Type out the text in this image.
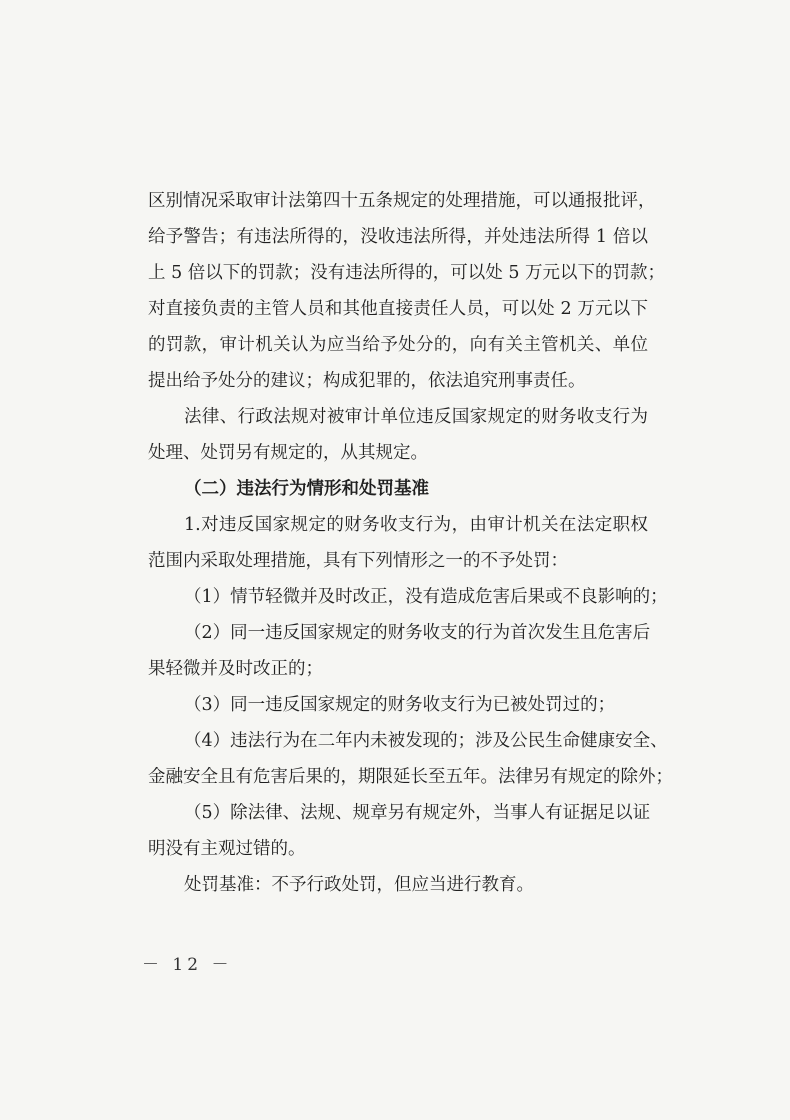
区别情况采取审计法第四十五条规定的处理措施，可以通报批评，
给予警告；有违法所得的，没收违法所得，并处违法所得 1 倍以
上 5 倍以下的罚款；没有违法所得的，可以处 5 万元以下的罚款；
对直接负责的主管人员和其他直接责任人员，可以处 2 万元以下
的罚款，审计机关认为应当给予处分的，向有关主管机关、单位
提出给予处分的建议；构成犯罪的，依法追究刑事责任。
法律、行政法规对被审计单位违反国家规定的财务收支行为
处理、处罚另有规定的，从其规定。
（二）违法行为情形和处罚基准
1.对违反国家规定的财务收支行为，由审计机关在法定职权
范围内采取处理措施，具有下列情形之一的不予处罚：
（1）情节轻微并及时改正，没有造成危害后果或不良影响的；
（2）同一违反国家规定的财务收支的行为首次发生且危害后
果轻微并及时改正的；
（3）同一违反国家规定的财务收支行为已被处罚过的；
（4）违法行为在二年内未被发现的；涉及公民生命健康安全、
金融安全且有危害后果的，期限延长至五年。法律另有规定的除外；
（5）除法律、法规、规章另有规定外，当事人有证据足以证
明没有主观过错的。
处罚基准：不予行政处罚，但应当进行教育。
－ 12 －
